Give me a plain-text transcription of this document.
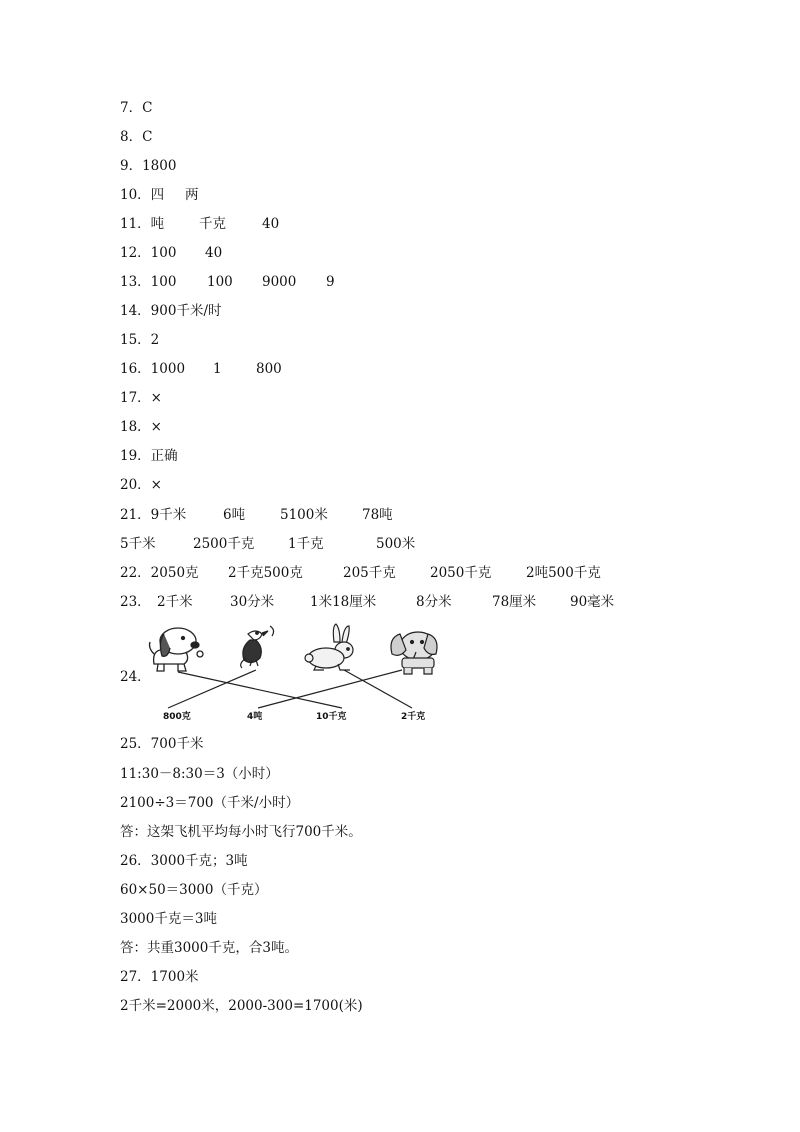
7．C
8．C
9．1800
10．四 两
11．吨	千克	40
12．100 40
13．100 100 9000 9
14．900千米/时
15．2
16．1000 1	800
17．×
18．×
19．正确
20．×
21．9千米	6吨	5100米	78吨
5千米	2500千克 1千克	500米
22．2050克 2千克500克	205千克	2050千克	2吨500千克
23． 2千米	30分米	1米18厘米	8分米	78厘米	90毫米
24．
800克	4吨	10千克	2千克
25．700千米
11:30－8:30＝3（小时）
2100÷3＝700（千米/小时）
答：这架飞机平均每小时飞行700千米。
26．3000千克；3吨
60×50＝3000（千克）
3000千克＝3吨
答：共重3000千克，合3吨。
27．1700米
2千米=2000米，2000-300=1700(米)
